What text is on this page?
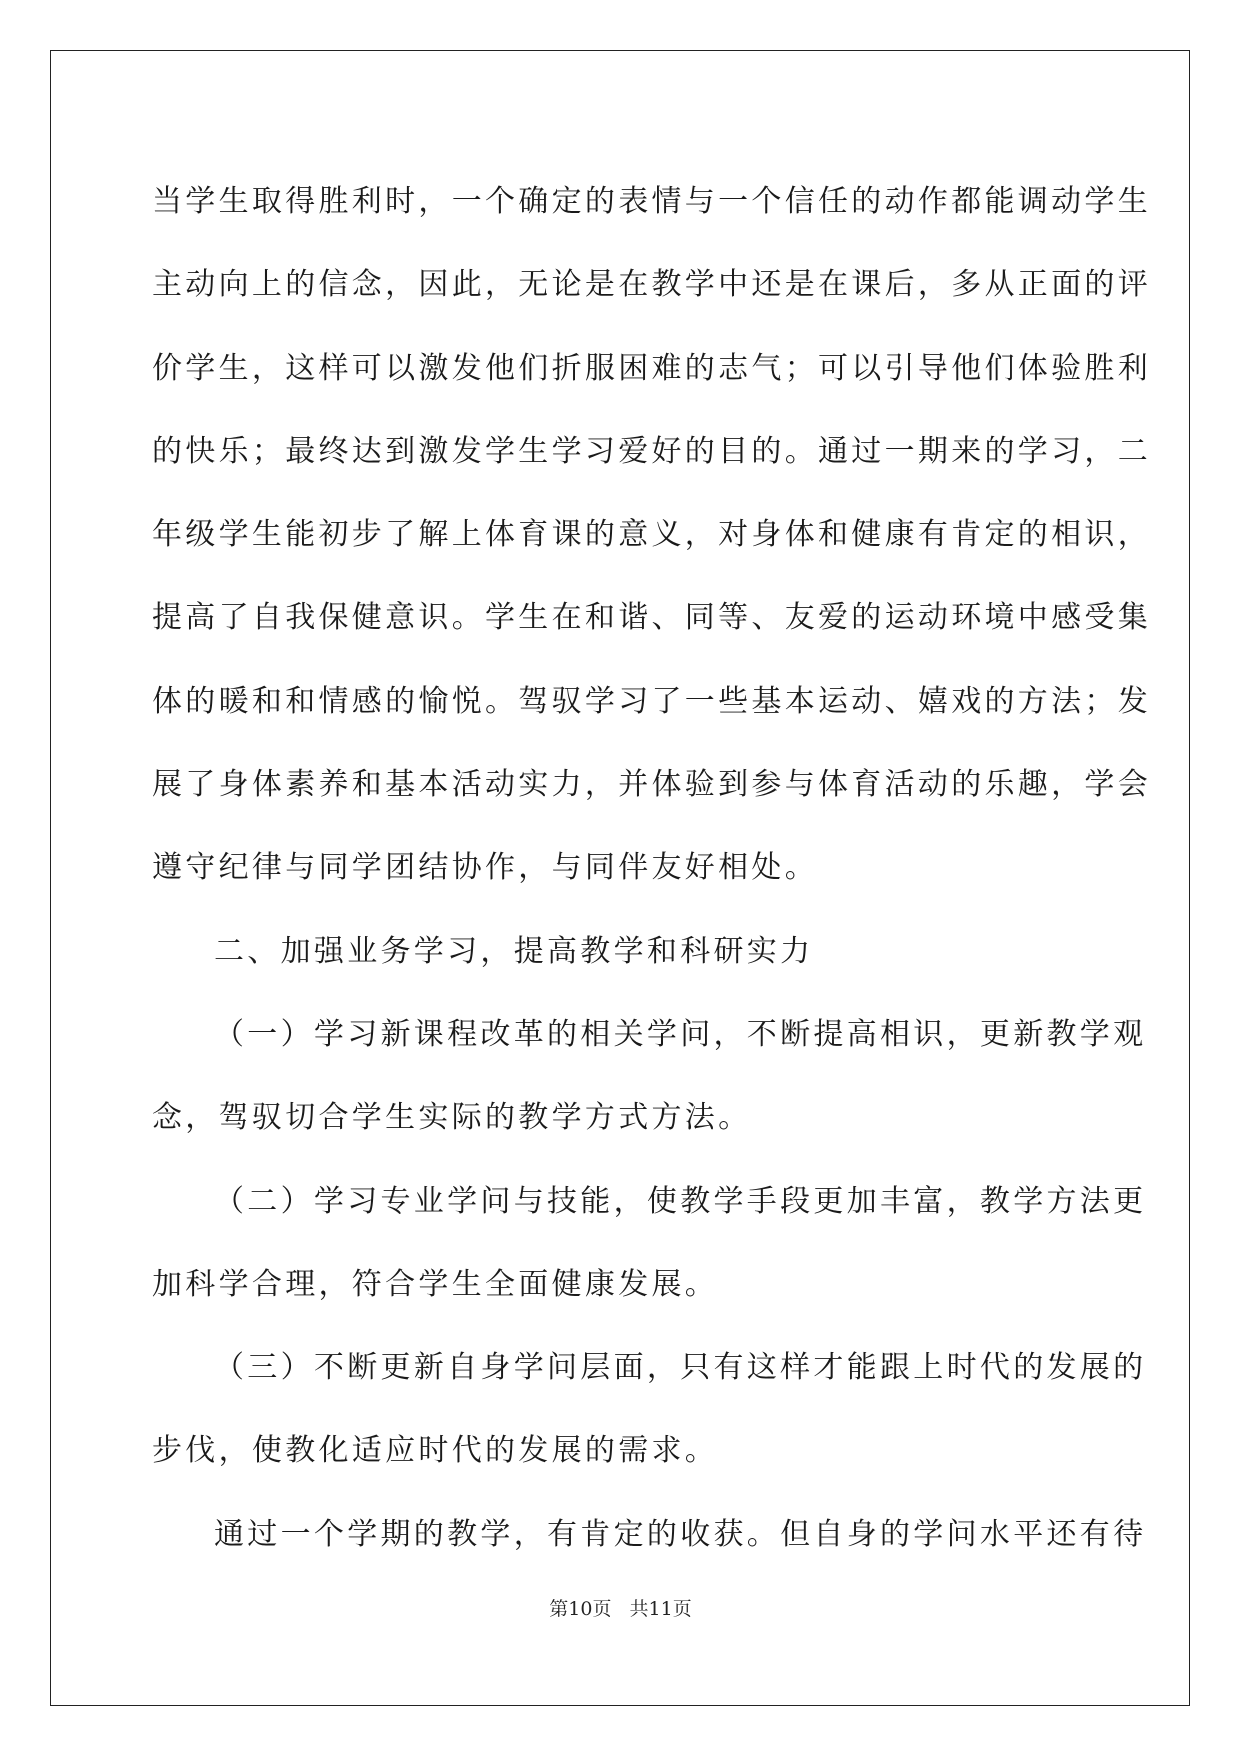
当学生取得胜利时，一个确定的表情与一个信任的动作都能调动学生
主动向上的信念，因此，无论是在教学中还是在课后，多从正面的评
价学生，这样可以激发他们折服困难的志气；可以引导他们体验胜利
的快乐；最终达到激发学生学习爱好的目的。通过一期来的学习，二
年级学生能初步了解上体育课的意义，对身体和健康有肯定的相识，
提高了自我保健意识。学生在和谐、同等、友爱的运动环境中感受集
体的暖和和情感的愉悦。驾驭学习了一些基本运动、嬉戏的方法；发
展了身体素养和基本活动实力，并体验到参与体育活动的乐趣，学会
遵守纪律与同学团结协作，与同伴友好相处。
二、加强业务学习，提高教学和科研实力
（一）学习新课程改革的相关学问，不断提高相识，更新教学观
念，驾驭切合学生实际的教学方式方法。
（二）学习专业学问与技能，使教学手段更加丰富，教学方法更
加科学合理，符合学生全面健康发展。
（三）不断更新自身学问层面，只有这样才能跟上时代的发展的
步伐，使教化适应时代的发展的需求。
通过一个学期的教学，有肯定的收获。但自身的学问水平还有待
第10页 共11页
